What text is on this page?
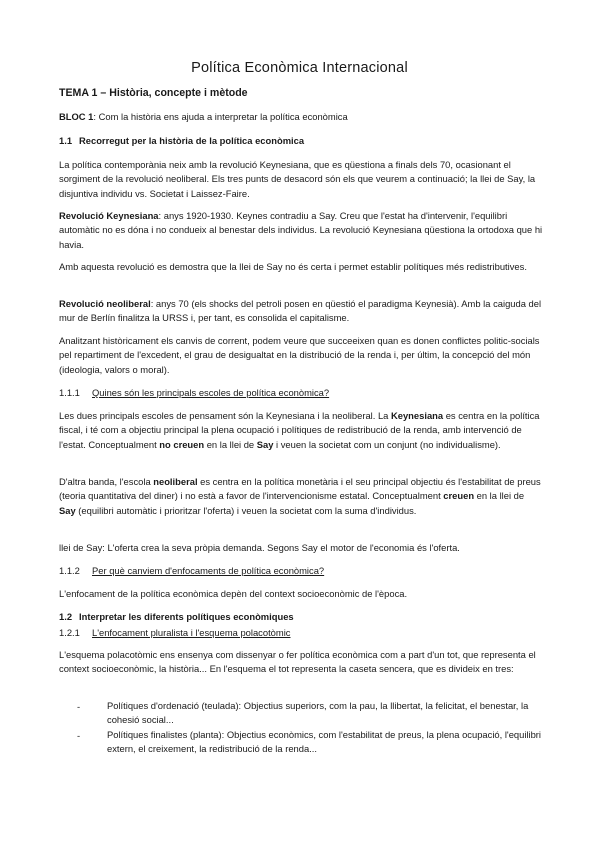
Política Econòmica Internacional
TEMA 1 – Història, concepte i mètode
BLOC 1: Com la història ens ajuda a interpretar la política econòmica
1.1 Recorregut per la història de la política econòmica
La política contemporània neix amb la revolució Keynesiana, que es qüestiona a finals dels 70, ocasionant el sorgiment de la revolució neoliberal. Els tres punts de desacord són els que veurem a continuació; la llei de Say, la disjuntiva individu vs. Societat i Laissez-Faire.
Revolució Keynesiana: anys 1920-1930. Keynes contradiu a Say. Creu que l'estat ha d'intervenir, l'equilibri automàtic no es dóna i no condueix al benestar dels individus. La revolució Keynesiana qüestiona la ortodoxa que hi havia.
Amb aquesta revolució es demostra que la llei de Say no és certa i permet establir polítiques més redistributives.
Revolució neoliberal: anys 70 (els shocks del petroli posen en qüestió el paradigma Keynesià). Amb la caiguda del mur de Berlín finalitza la URSS i, per tant, es consolida el capitalisme.
Analitzant històricament els canvis de corrent, podem veure que succeeixen quan es donen conflictes politic-socials pel repartiment de l'excedent, el grau de desigualtat en la distribució de la renda i, per últim, la concepció del món (ideologia, valors o moral).
1.1.1 Quines són les principals escoles de política econòmica?
Les dues principals escoles de pensament són la Keynesiana i la neoliberal. La Keynesiana es centra en la política fiscal, i té com a objectiu principal la plena ocupació i polítiques de redistribució de la renda, amb intervenció de l'estat. Conceptualment no creuen en la llei de Say i veuen la societat com un conjunt (no individualisme).
D'altra banda, l'escola neoliberal es centra en la política monetària i el seu principal objectiu és l'estabilitat de preus (teoria quantitativa del diner) i no està a favor de l'intervencionisme estatal. Conceptualment creuen en la llei de Say (equilibri automàtic i prioritzar l'oferta) i veuen la societat com la suma d'individus.
llei de Say: L'oferta crea la seva pròpia demanda. Segons Say el motor de l'economia és l'oferta.
1.1.2 Per què canviem d'enfocaments de política econòmica?
L'enfocament de la política econòmica depèn del context socioeconòmic de l'època.
1.2 Interpretar les diferents polítiques econòmiques
1.2.1 L'enfocament pluralista i l'esquema polacotòmic
L'esquema polacotòmic ens ensenya com dissenyar o fer política econòmica com a part d'un tot, que representa el context socioeconòmic, la història... En l'esquema el tot representa la caseta sencera, que es divideix en tres:
-	Polítiques d'ordenació (teulada): Objectius superiors, com la pau, la llibertat, la felicitat, el benestar, la cohesió social...
-	Polítiques finalistes (planta): Objectius econòmics, com l'estabilitat de preus, la plena ocupació, l'equilibri extern, el creixement, la redistribució de la renda...
